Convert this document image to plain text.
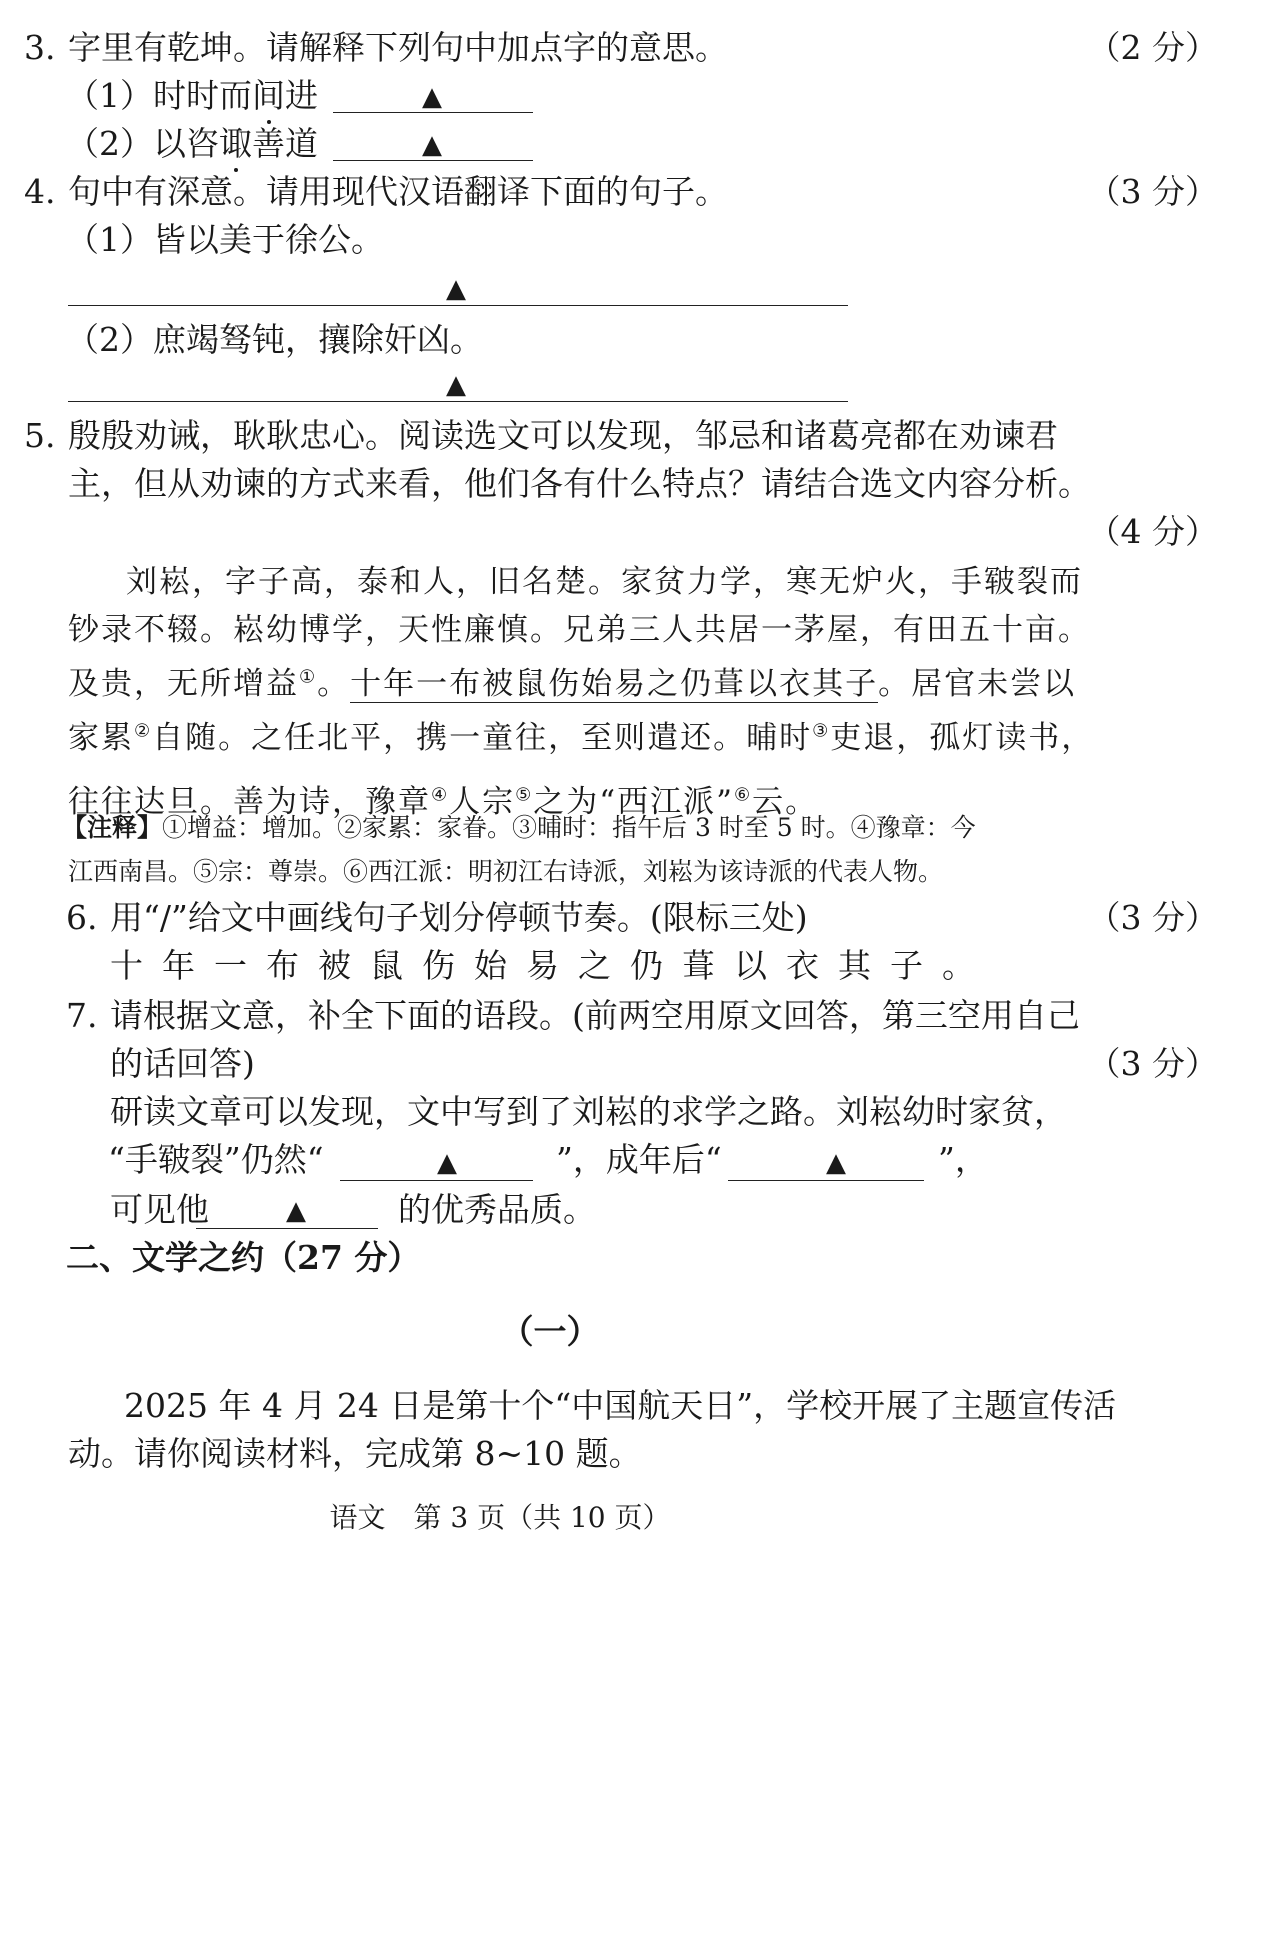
3. 字里有乾坤。请解释下列句中加点字的意思。	（2 分）
（1）时时而间进	▲
（2）以咨诹善道	▲
4. 句中有深意。请用现代汉语翻译下面的句子。	（3 分）
（1）皆以美于徐公。
▲
（2）庶竭驽钝，攘除奸凶。
▲
5. 殷殷劝诫，耿耿忠心。阅读选文可以发现，邹忌和诸葛亮都在劝谏君
主，但从劝谏的方式来看，他们各有什么特点？请结合选文内容分析。
（4 分）
刘崧，字子高，泰和人，旧名楚。家贫力学，寒无炉火，手皲裂而
钞录不辍。崧幼博学，天性廉慎。兄弟三人共居一茅屋，有田五十亩。
及贵，无所增益①。十年一布被鼠伤始易之仍葺以衣其子。居官未尝以
家累②自随。之任北平，携一童往，至则遣还。晡时③吏退，孤灯读书，
往往达旦。善为诗，豫章④人宗⑤之为“西江派”⑥云。
【注释】①增益：增加。②家累：家眷。③晡时：指午后 3 时至 5 时。④豫章：今
江西南昌。⑤宗：尊崇。⑥西江派：明初江右诗派，刘崧为该诗派的代表人物。
6. 用“/”给文中画线句子划分停顿节奏。(限标三处)	（3 分）
十年一布被鼠伤始易之仍葺以衣其子。
7. 请根据文意，补全下面的语段。(前两空用原文回答，第三空用自己
的话回答)	（3 分）
研读文章可以发现，文中写到了刘崧的求学之路。刘崧幼时家贫，
“手皲裂”仍然“	▲	”，成年后“	▲	”，
可见他	▲	的优秀品质。
二、文学之约（27 分）
（一）
2025 年 4 月 24 日是第十个“中国航天日”，学校开展了主题宣传活
动。请你阅读材料，完成第 8~10 题。
语文　第 3 页（共 10 页）
